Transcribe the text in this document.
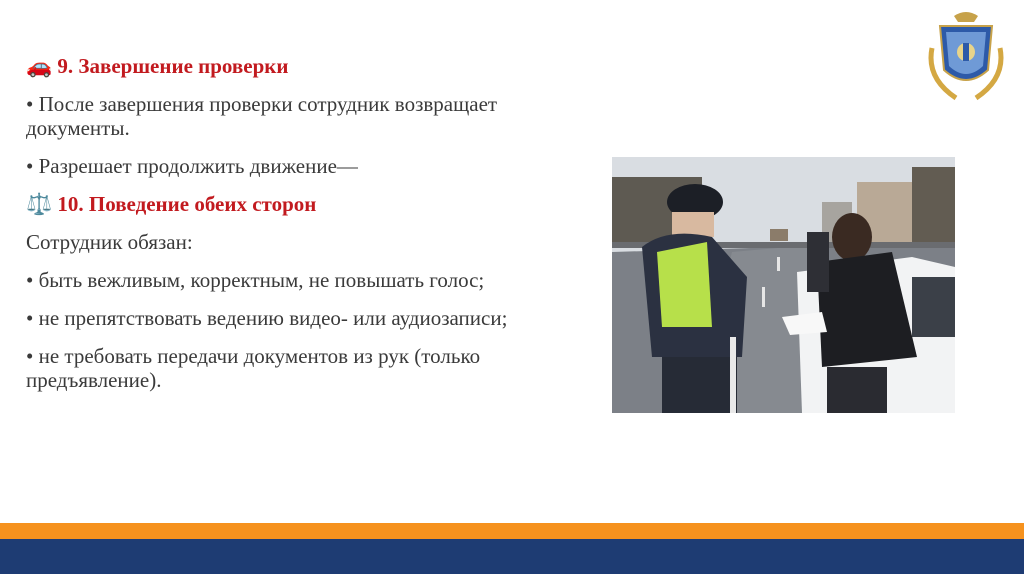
🚗 9. Завершение проверки
• После завершения проверки сотрудник возвращает документы.
• Разрешает продолжить движение—
⚖️ 10. Поведение обеих сторон
Сотрудник обязан:
• быть вежливым, корректным, не повышать голос;
• не препятствовать ведению видео- или аудиозаписи;
• не требовать передачи документов из рук (только предъявление).
